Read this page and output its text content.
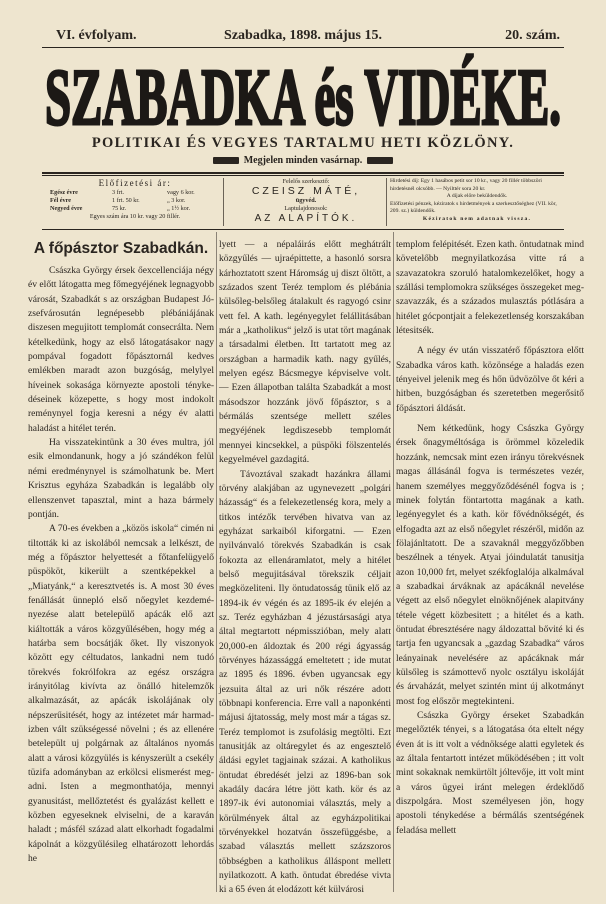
VI. évfolyam.	Szabadka, 1898. május 15.	20. szám.
SZABADKA és VIDÉKE.
POLITIKAI ÉS VEGYES TARTALMU HETI KÖZLÖNY.
Megjelen minden vasárnap.
Előfizetési ár:
Egész évre	3 frt.	vagy 6 kor.
Fél évre	1 frt. 50 kr.	„ 3 kor.
Negyed évre	75 kr.	„ 1½ kor.
Egyes szám ára 10 kr. vagy 20 fillér.
Felelős szerkesztő:
CZEISZ MÁTÉ,
ügyvéd.
Laptulajdonosok:
AZ ALAPÍTÓK.
Hirdetési díj: Egy 1 hasábos petit sor 10 kr., vagy 20 fillér többszöri hirdetésnél olcsóbb. — Nyilttér sora 20 kr.
A díjak előre beküldendők.
Előfizetési pénzek, kéziratok s hirdetmények a szerkesztőséghez (VII. kör, 209. sz.) küldendők.
Kéziratok nem adatnak vissza.
A főpásztor Szabadkán.

Császka György érsek őexcellenciája négy év előtt látogatta meg főmegyéjének legnagyobb városát, Szabadkát s az országban Budapest Józsefvárosután legnépesebb plébániájának diszesen megujitott templomát consecrálta. Nem kételkedünk, hogy az első látogatásakor nagy pompával fogadott főpásztornál kedves emlékben maradt azon buzgóság, melylyel híveinek sokasága környezte apostoli ténykedéseinek közepette, s hogy most indokolt reménynyel fogja keresni a négy év alatti haladást a hitélet terén.

Ha visszatekintünk a 30 éves multra, jól esik elmondanunk, hogy a jó szándékon felül némi eredménynyel is számolhatunk be. Mert Krisztus egyháza Szabadkán is legalább oly ellenszenvet tapasztal, mint a haza bármely pontján.

A 70-es években a „közös iskola“ cimén ni tiltották ki az iskolából nemcsak a lelkészt, de még a főpásztor helyettesét a főtanfelügyelő püspököt, kikerült a szentképekkel a „Miatyánk,“ a keresztvetés is. A most 30 éves fenállását ünnepló első nőegylet kezdeményezése alatt betelepülő apácák elő azt kiáltották a város közgyűlésében, hogy még a határba sem bocsátják őket. Ily viszonyok között egy céltudatos, lankadni nem tudó törekvés fokrólfokra az egész országra irányitólag kivívta az önálló hitelemzők alkalmazását, az apácák iskolájának oly népszerűsitését, hogy az intézetet már harmadizben vált szükségessé növelni ; és az ellenére betelepült uj polgárnak az általános nyomás alatt a városi közgyülés is kényszerült a csekély tüzifa adományban az erkölcsi elismerést megadni. Isten a megmonthatója, mennyi gyanusitást, mellőztetést és gyalázást kellett e közben egyeseknek elviselni, de a karaván haladt ; másfél század alatt elkorhadt fogadalmi kápolnát a közgyűlésileg elhatározott lehordás he

lyett — a népaláirás előtt meghátrált közgyűlés — ujraépittette, a hasonló sorsra kárhoztatott szent Háromság uj diszt öltött, a százados szent Teréz templom és plébánia külsőleg-belsőleg átalakult és ragyogó csinr vett fel. A kath. legényegylet felállitásában már a „katholikus“ jelző is utat tört magának a társadalmi életben. Itt tartatott meg az országban a harmadik kath. nagy gyűlés, melyen egész Bácsmegye képviselve volt. — Ezen állapotban találta Szabadkát a most másodszor hozzánk jövő főpásztor, s a bérmálás szentsége mellett széles megyéjének legdiszesebb templomát mennyei kincsekkel, a püspöki fölszentelés kegyelmével gazdagitá.

Távoztával szakadt hazánkra állami törvény alakjában az ugynevezett „polgári házasság“ és a felekezetlenség kora, mely a titkos intézők tervében hivatva van az egyházat sarkaiból kiforgatni. — Ezen nyilvánvaló törekvés Szabadkán is csak fokozta az ellenáramlatot, mely a hitélet belső megujitásával törekszik céljait megközeliteni. Ily öntudatosság tünik elő az 1894-ik év végén és az 1895-ik év elején a sz. Teréz egyházban 4 jézustársasági atya által megtartott népmisszióban, mely alatt 20,000-en áldoztak és 200 régi ágyasság törvényes házassággá emeltetett ; ide mutat az 1895 és 1896. évben ugyancsak egy jezsuita által az uri nők részére adott többnapi konferencia. Erre vall a naponkénti májusi ájtatosság, mely most már a tágas sz. Teréz templomot is zsufolásig megtölti. Ezt tanusitják az oltáregylet és az engesztelő áldási egylet tagjainak százai. A katholikus öntudat ébredését jelzi az 1896-ban sok akadály dacára létre jött kath. kör és az 1897-ik évi autonomiai választás, mely a körülmények által az egyházpolitikai törvényekkel hozatván összefüggésbe, a szabad választás mellett százszoros többségben a katholikus álláspont mellett nyilatkozott. A kath. öntudat ébredése vivta ki a 65 éven át elodázott két külvárosi

templom felépitését. Ezen kath. öntudatnak mind követelőbb megnyilatkozása vitte rá a szavazatokra szoruló hatalomkezelőket, hogy a szállási templomokra szükséges összegeket megszavazzák, és a százados mulasztás pótlására a hitélet gócpontjait a felekezetlenség korszakában létesitsék.

A négy év után visszatérő főpásztora előtt Szabadka város kath. közönsége a haladás ezen tényeivel jelenik meg és hőn üdvözölve őt kéri a hitben, buzgóságban és szeretetben megerősitő főpásztori áldását.

Nem kétkedünk, hogy Császka György érsek őnagyméltósága is örömmel közeledik hozzánk, nemcsak mint ezen irányu törekvésnek magas állásánál fogva is természetes vezér, hanem személyes meggyőződésénél fogva is ; minek folytán föntartotta magának a kath. legényegylet és a kath. kör fővédnökségét, és elfogadta azt az első nőegylet részéről, midőn az fölajánltatott. De a szavaknál meggyőzőbben beszélnek a tények. Atyai jóindulatát tanusitja azon 10,000 frt, melyet székfoglalója alkalmával a szabadkai árváknak az apácáknál nevelése végett az első nőegylet elnöknőjének alapitvány tétele végett közbesitett ; a hitélet és a kath. öntudat ébresztésére nagy áldozattal bővité ki és tartja fen ugyancsak a „gazdag Szabadka“ város leányainak nevelésére az apácáknak már külsőleg is számottevő nyolc osztályu iskoláját és árvaházát, melyet szintén mint új alkotmányt most fog először megtekinteni.

Császka György érseket Szabadkán megelőzték tényei, s a látogatása óta eltelt négy éven át is itt volt a védnöksége alatti egyletek és az általa fentartott intézet működésében ; itt volt mint sokaknak nemkürtölt jóltevője, itt volt mint a város ügyei iránt melegen érdeklődő diszpolgára. Most személyesen jön, hogy apostoli ténykedése a bérmálás szentségének feladása mellett
